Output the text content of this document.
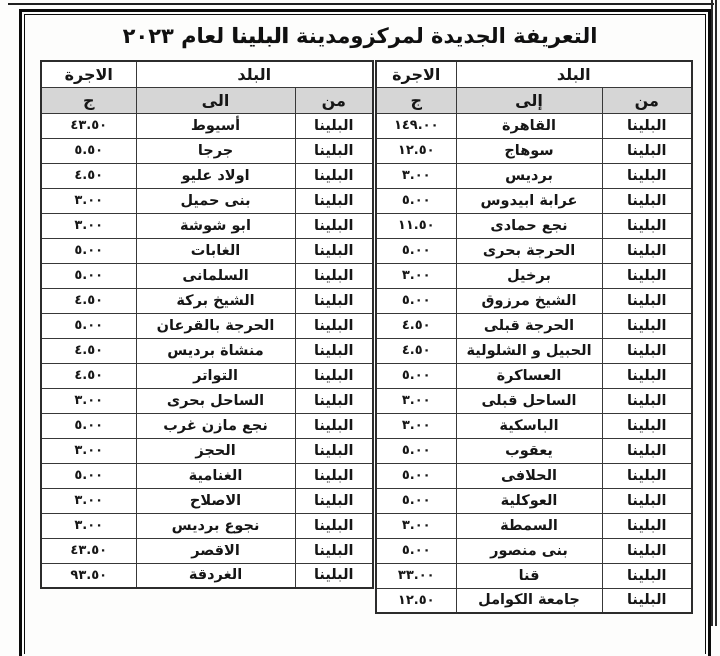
التعريفة الجديدة لمركزومدينة البلينا لعام ٢٠٢٣
البلد		الاجرة
من	إلى	ج
البلينا	القاهرة	١٤٩.٠٠
البلينا	سوهاج	١٢.٥٠
البلينا	برديس	٣.٠٠
البلينا	عرابة ابيدوس	٥.٠٠
البلينا	نجع حمادى	١١.٥٠
البلينا	الحرجة بحرى	٥.٠٠
البلينا	برخيل	٣.٠٠
البلينا	الشيخ مرزوق	٥.٠٠
البلينا	الحرجة قبلى	٤.٥٠
البلينا	الحبيل و الشلولية	٤.٥٠
البلينا	العساكرة	٥.٠٠
البلينا	الساحل قبلى	٣.٠٠
البلينا	الباسكية	٣.٠٠
البلينا	يعقوب	٥.٠٠
البلينا	الحلافى	٥.٠٠
البلينا	العوكلية	٥.٠٠
البلينا	السمطة	٣.٠٠
البلينا	بنى منصور	٥.٠٠
البلينا	قنا	٣٣.٠٠
البلينا	جامعة الكوامل	١٢.٥٠
البلد		الاجرة
من	الى	ج
البلينا	أسيوط	٤٣.٥٠
البلينا	جرجا	٥.٥٠
البلينا	اولاد عليو	٤.٥٠
البلينا	بنى حميل	٣.٠٠
البلينا	ابو شوشة	٣.٠٠
البلينا	الغابات	٥.٠٠
البلينا	السلمانى	٥.٠٠
البلينا	الشيخ بركة	٤.٥٠
البلينا	الحرجة بالقرعان	٥.٠٠
البلينا	منشاة برديس	٤.٥٠
البلينا	التواتر	٤.٥٠
البلينا	الساحل بحرى	٣.٠٠
البلينا	نجع مازن غرب	٥.٠٠
البلينا	الحجز	٣.٠٠
البلينا	الغنامية	٥.٠٠
البلينا	الاصلاح	٣.٠٠
البلينا	نجوع برديس	٣.٠٠
البلينا	الاقصر	٤٣.٥٠
البلينا	الغردقة	٩٣.٥٠
